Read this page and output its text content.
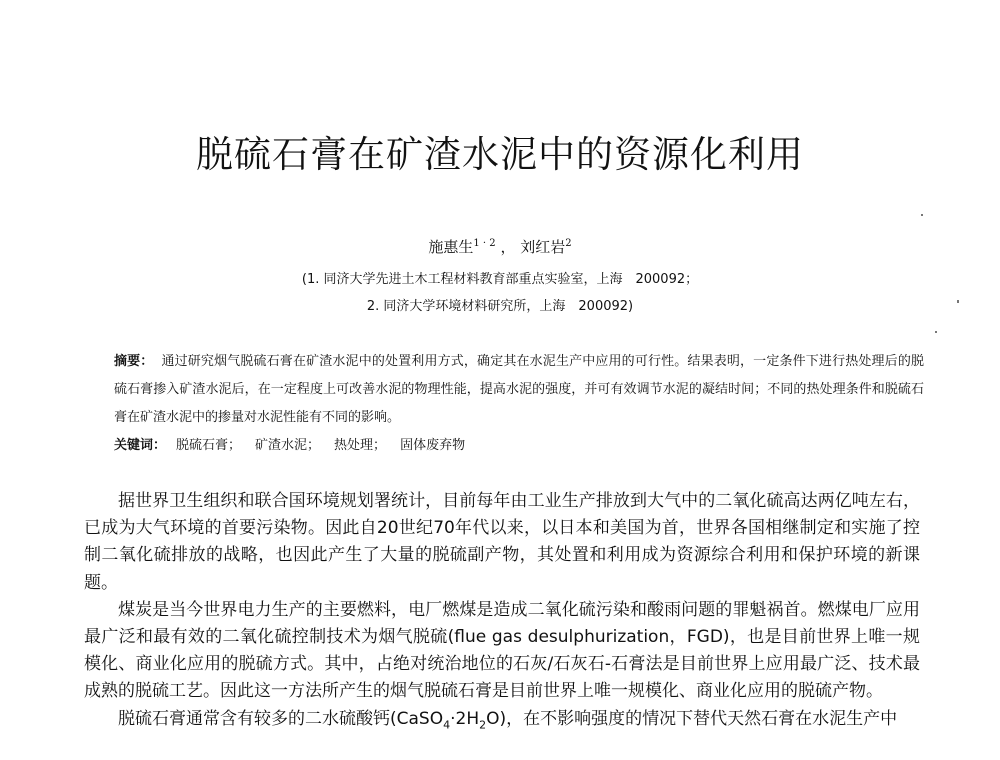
脱硫石膏在矿渣水泥中的资源化利用
施惠生$^{1 \cdot 2}$ ， 刘红岩$^2$
(1. 同济大学先进土木工程材料教育部重点实验室，上海　200092；
2. 同济大学环境材料研究所，上海　200092)

摘要： 通过研究烟气脱硫石膏在矿渣水泥中的处置利用方式，确定其在水泥生产中应用的可行性。结果表明，一定条件下进行热处理后的脱硫石膏掺入矿渣水泥后，在一定程度上可改善水泥的物理性能，提高水泥的强度，并可有效调节水泥的凝结时间；不同的热处理条件和脱硫石膏在矿渣水泥中的掺量对水泥性能有不同的影响。

关键词： 脱硫石膏； 矿渣水泥； 热处理； 固体废弃物

据世界卫生组织和联合国环境规划署统计，目前每年由工业生产排放到大气中的二氧化硫高达两亿吨左右，已成为大气环境的首要污染物。因此自20世纪70年代以来，以日本和美国为首，世界各国相继制定和实施了控制二氧化硫排放的战略，也因此产生了大量的脱硫副产物，其处置和利用成为资源综合利用和保护环境的新课题。

煤炭是当今世界电力生产的主要燃料，电厂燃煤是造成二氧化硫污染和酸雨问题的罪魁祸首。燃煤电厂应用最广泛和最有效的二氧化硫控制技术为烟气脱硫(flue gas desulphurization，FGD)，也是目前世界上唯一规模化、商业化应用的脱硫方式。其中，占绝对统治地位的石灰/石灰石-石膏法是目前世界上应用最广泛、技术最成熟的脱硫工艺。因此这一方法所产生的烟气脱硫石膏是目前世界上唯一规模化、商业化应用的脱硫产物。

脱硫石膏通常含有较多的二水硫酸钙$(CaSO_4\cdot 2H_2O)$，在不影响强度的情况下替代天然石膏在水泥生产中
